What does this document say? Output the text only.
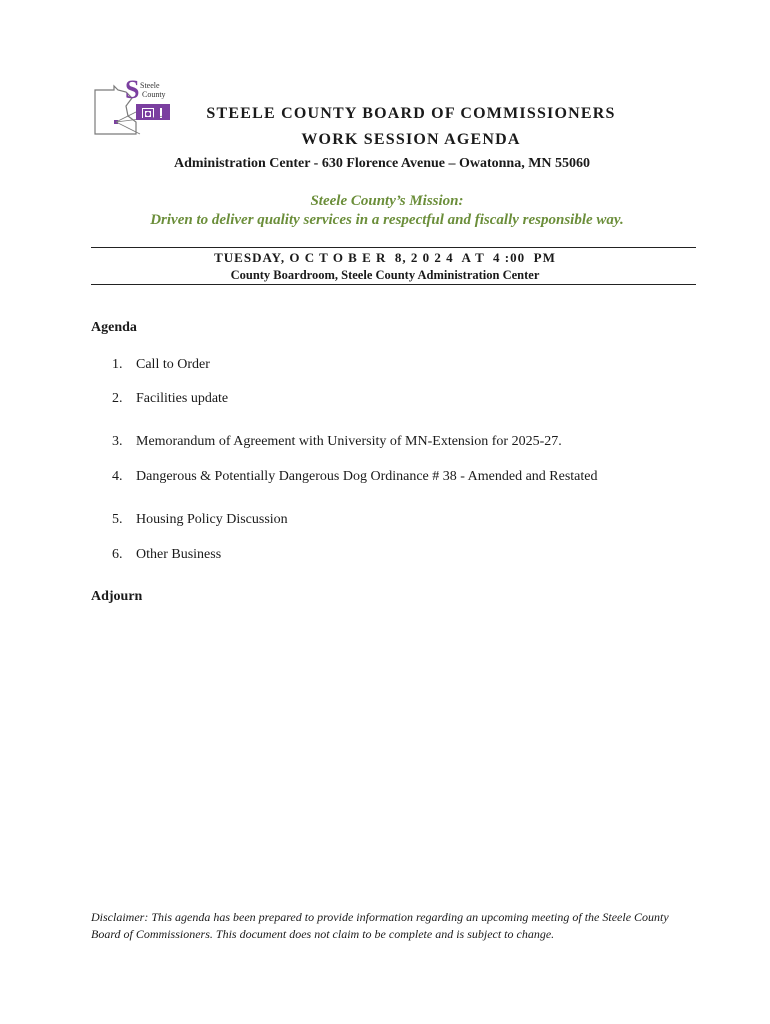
S Steele
County
STEELE COUNTY BOARD OF COMMISSIONERS
WORK SESSION AGENDA
Administration Center - 630 Florence Avenue – Owatonna, MN 55060
Steele County’s Mission:
Driven to deliver quality services in a respectful and fiscally responsible way.
TUESDAY, O C T O B E R  8, 2 0 2 4  A T  4 :00  PM
County Boardroom, Steele County Administration Center
Agenda
1. Call to Order
2. Facilities update
3. Memorandum of Agreement with University of MN-Extension for 2025-27.
4. Dangerous & Potentially Dangerous Dog Ordinance # 38 - Amended and Restated
5. Housing Policy Discussion
6. Other Business
Adjourn
Disclaimer: This agenda has been prepared to provide information regarding an upcoming meeting of the Steele County Board of Commissioners. This document does not claim to be complete and is subject to change.
